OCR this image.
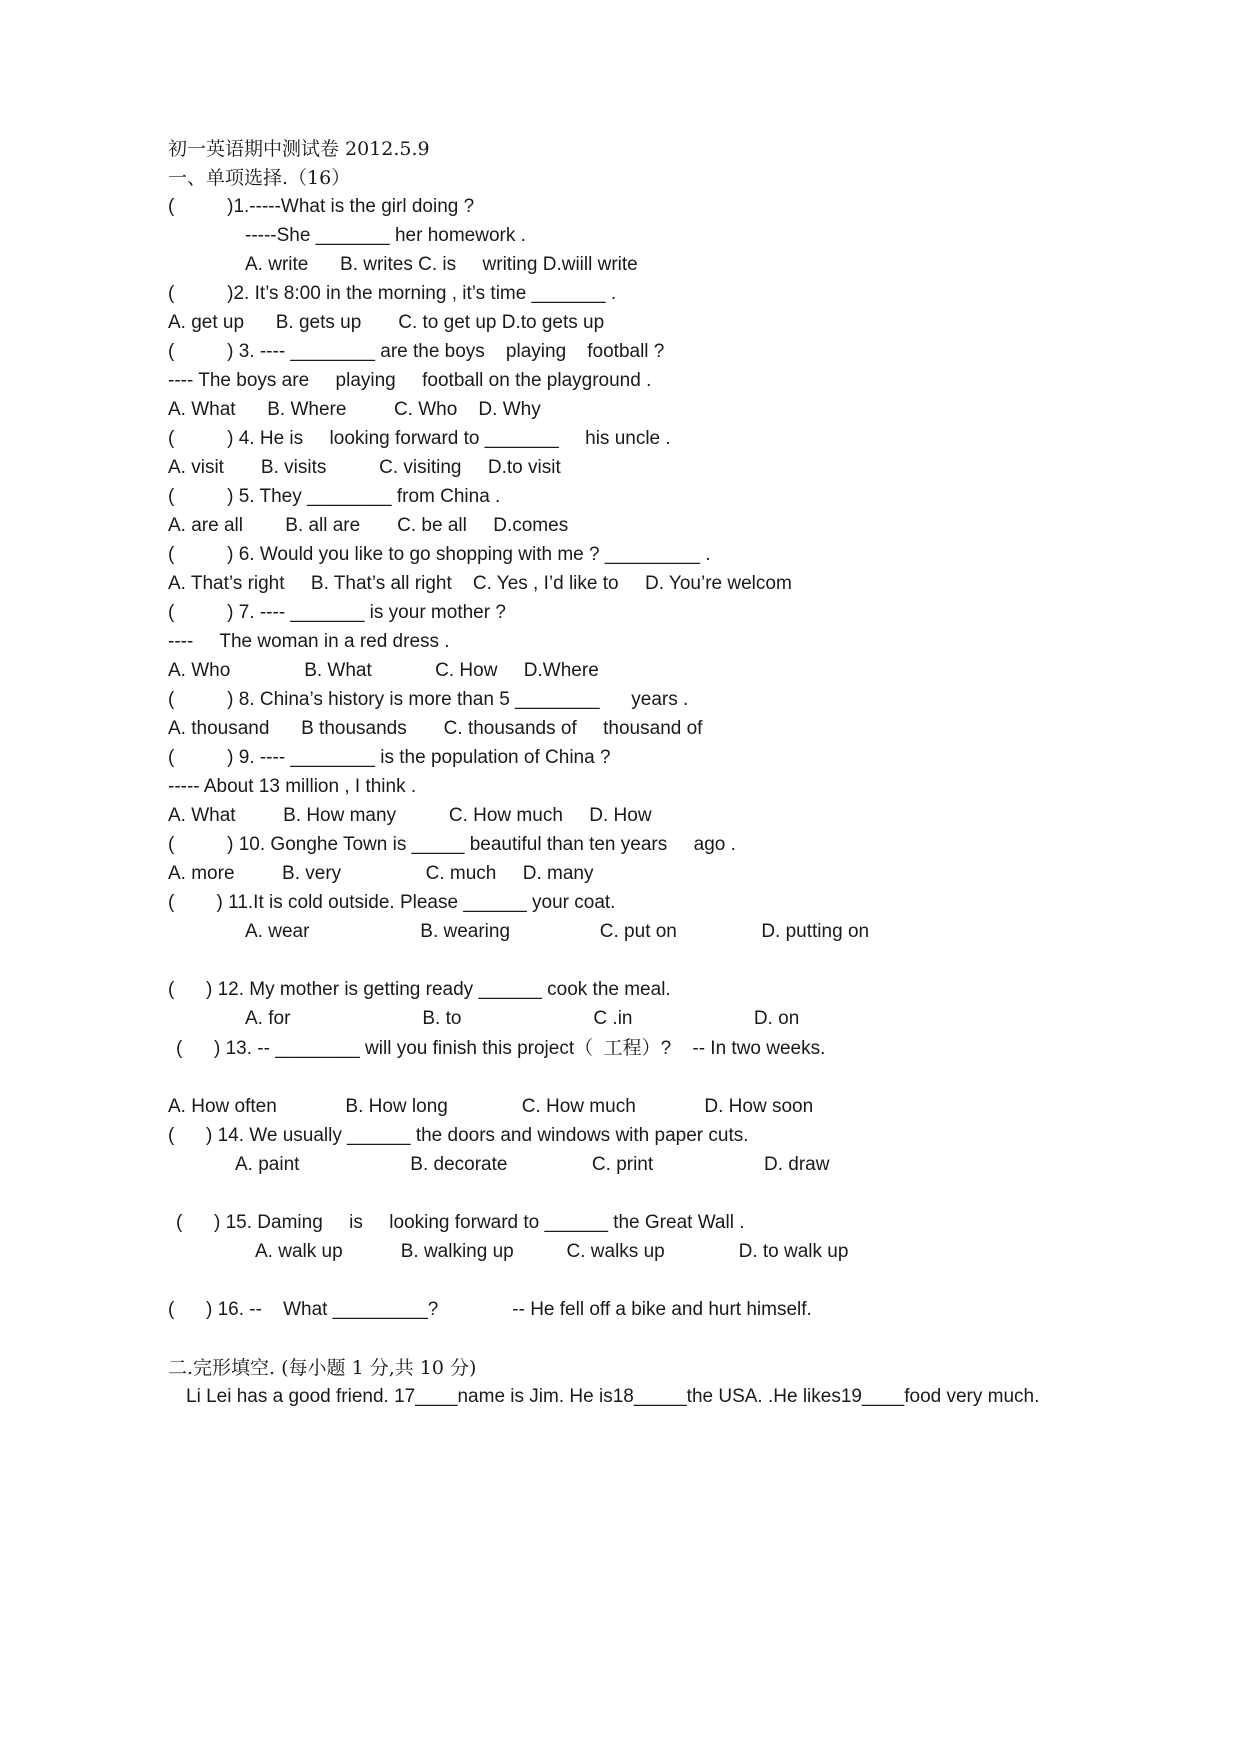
初一英语期中测试卷 2012.5.9
一、单项选择.（16）
(          )1.-----What is the girl doing ?
-----She _______ her homework .
A. write      B. writes C. is     writing D.wiill write
(          )2. It’s 8:00 in the morning , it’s time _______ .
A. get up      B. gets up       C. to get up D.to gets up
(          ) 3. ---- ________ are the boys    playing    football ?
---- The boys are     playing     football on the playground .
A. What      B. Where         C. Who    D. Why
(          ) 4. He is     looking forward to _______     his uncle .
A. visit       B. visits          C. visiting     D.to visit
(          ) 5. They ________ from China .
A. are all        B. all are       C. be all     D.comes
(          ) 6. Would you like to go shopping with me ? _________ .
A. That’s right     B. That’s all right    C. Yes , I’d like to     D. You’re welcom
(          ) 7. ---- _______ is your mother ?
----     The woman in a red dress .
A. Who              B. What            C. How     D.Where
(          ) 8. China’s history is more than 5 ________      years .
A. thousand      B thousands       C. thousands of     thousand of
(          ) 9. ---- ________ is the population of China ?
----- About 13 million , I think .
A. What         B. How many          C. How much     D. How
(          ) 10. Gonghe Town is _____ beautiful than ten years     ago .
A. more         B. very                C. much     D. many
(        ) 11.It is cold outside. Please ______ your coat.
A. wear                     B. wearing                 C. put on                D. putting on
(      ) 12. My mother is getting ready ______ cook the meal.
A. for                         B. to                         C .in                       D. on
(      ) 13. -- ________ will you finish this project（  工程）?    -- In two weeks.
A. How often             B. How long              C. How much             D. How soon
(      ) 14. We usually ______ the doors and windows with paper cuts.
A. paint                     B. decorate                C. print                     D. draw
(      ) 15. Daming     is     looking forward to ______ the Great Wall .
A. walk up           B. walking up          C. walks up              D. to walk up
(      ) 16. --    What _________?              -- He fell off a bike and hurt himself.
二.完形填空. (每小题 1 分,共 10 分)
Li Lei has a good friend. 17____name is Jim. He is18_____the USA. .He likes19____food very much.
